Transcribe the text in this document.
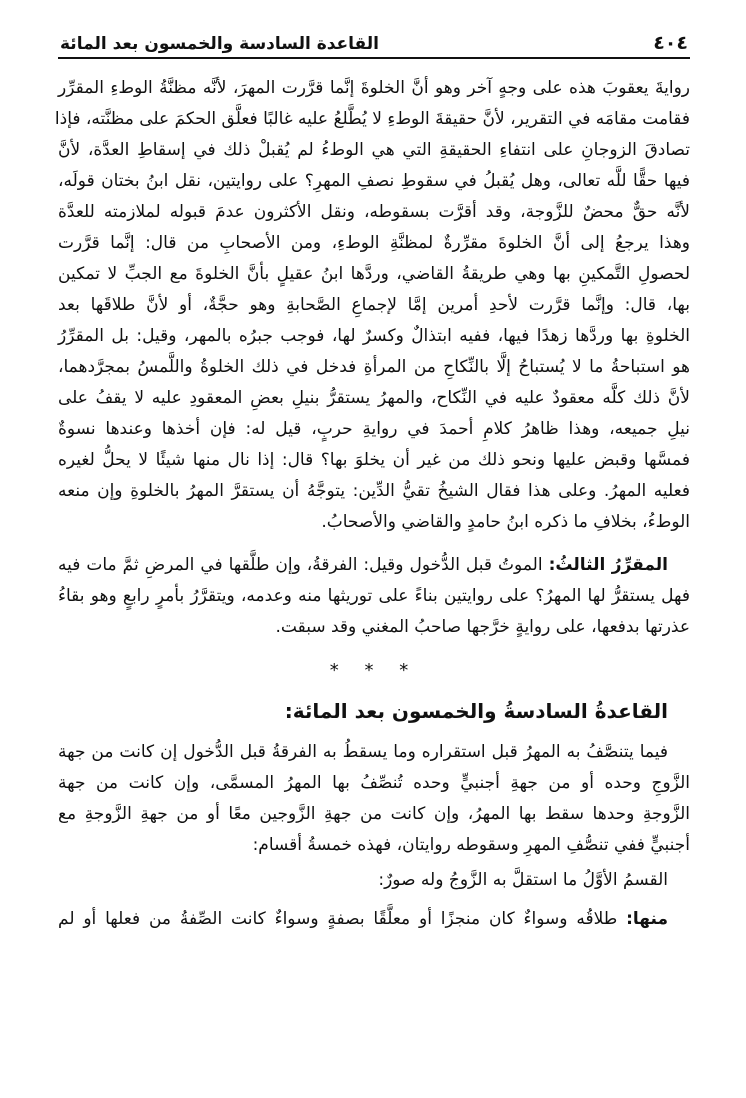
٤٠٤
القاعدة السادسة والخمسون بعد المائة
روايةَ يعقوبَ هذه على وجهٍ آخر وهو أنَّ الخلوةَ إنَّما قرَّرت المهرَ، لأنَّه مظنَّةُ الوطءِ المقرِّر
فقامت مقامَه في التقرير، لأنَّ حقيقةَ الوطءِ لا يُطَّلعُ عليه غالبًا فعلَّق الحكمَ على مظنَّته، فإذا
تصادقَ الزوجانِ على انتفاءِ الحقيقةِ التي هي الوطءُ لم يُقبلْ ذلك في إسقاطِ العدَّة، لأنَّ
فيها حقًّا للَّه تعالى، وهل يُقبلُ في سقوطِ نصفِ المهرِ؟ على روايتين، نقل ابنُ بختان قولَه،
لأنَّه حقٌّ محضٌ للزَّوجة، وقد أقرَّت بسقوطه، ونقل الأكثرون عدمَ قبوله لملازمته للعدَّة
وهذا يرجعُ إلى أنَّ الخلوةَ مقرِّرةٌ لمظنَّةِ الوطءِ، ومن الأصحابِ من قال: إنَّما قرَّرت
لحصولِ التَّمكينِ بها وهي طريقةُ القاضي، وردَّها ابنُ عقيلٍ بأنَّ الخلوةَ مع الجبِّ لا تمكين
بها، قال: وإنَّما قرَّرت لأحدِ أمرين إمَّا لإجماعِ الصَّحابةِ وهو حجَّةٌ، أو لأنَّ طلاقَها بعد
الخلوةِ بها وردَّها زهدًا فيها، ففيه ابتذالٌ وكسرٌ لها، فوجب جبرُه بالمهر، وقيل: بل المقرِّرُ
هو استباحةُ ما لا يُستباحُ إلَّا بالنِّكاحِ من المرأةِ فدخل في ذلك الخلوةُ واللَّمسُ بمجرَّدهما،
لأنَّ ذلك كلَّه معقودٌ عليه في النِّكاح، والمهرُ يستقرُّ بنيلِ بعضِ المعقودِ عليه لا يقفُ على
نيلِ جميعه، وهذا ظاهرُ كلامِ أحمدَ في روايةِ حربٍ، قيل له: فإن أخذها وعندها نسوةٌ
فمسَّها وقبض عليها ونحو ذلك من غير أن يخلوَ بها؟ قال: إذا نال منها شيئًا لا يحلُّ لغيره
فعليه المهرُ. وعلى هذا فقال الشيخُ تقيُّ الدِّين: يتوجَّهُ أن يستقرَّ المهرُ بالخلوةِ وإن منعه
الوطءُ، بخلافِ ما ذكره ابنُ حامدٍ والقاضي والأصحابُ.
المقرِّرُ الثالثُ: الموتُ قبل الدُّخول وقيل: الفرقةُ، وإن طلَّقها في المرضِ ثمَّ مات فيه
فهل يستقرُّ لها المهرُ؟ على روايتين بناءً على توريثها منه وعدمه، ويتقرَّرُ بأمرٍ رابعٍ وهو بقاءُ
عذرتها بدفعها، على روايةٍ خرَّجها صاحبُ المغني وقد سبقت.
* * *
القاعدةُ السادسةُ والخمسون بعد المائة:
فيما يتنصَّفُ به المهرُ قبل استقراره وما يسقطُ به الفرقةُ قبل الدُّخول إن كانت من جهة
الزَّوجِ وحده أو من جهةِ أجنبيٍّ وحده تُنصِّفُ بها المهرُ المسمَّى، وإن كانت من جهة
الزَّوجةِ وحدها سقط بها المهرُ، وإن كانت من جهةِ الزَّوجين معًا أو من جهةِ الزَّوجةِ مع
أجنبيٍّ ففي تنصُّفِ المهرِ وسقوطه روايتان، فهذه خمسةُ أقسام:
القسمُ الأوَّلُ ما استقلَّ به الزَّوجُ وله صورٌ:
منها: طلاقُه وسواءٌ كان منجزًا أو معلَّقًا بصفةٍ وسواءٌ كانت الصِّفةُ من فعلها أو لم
